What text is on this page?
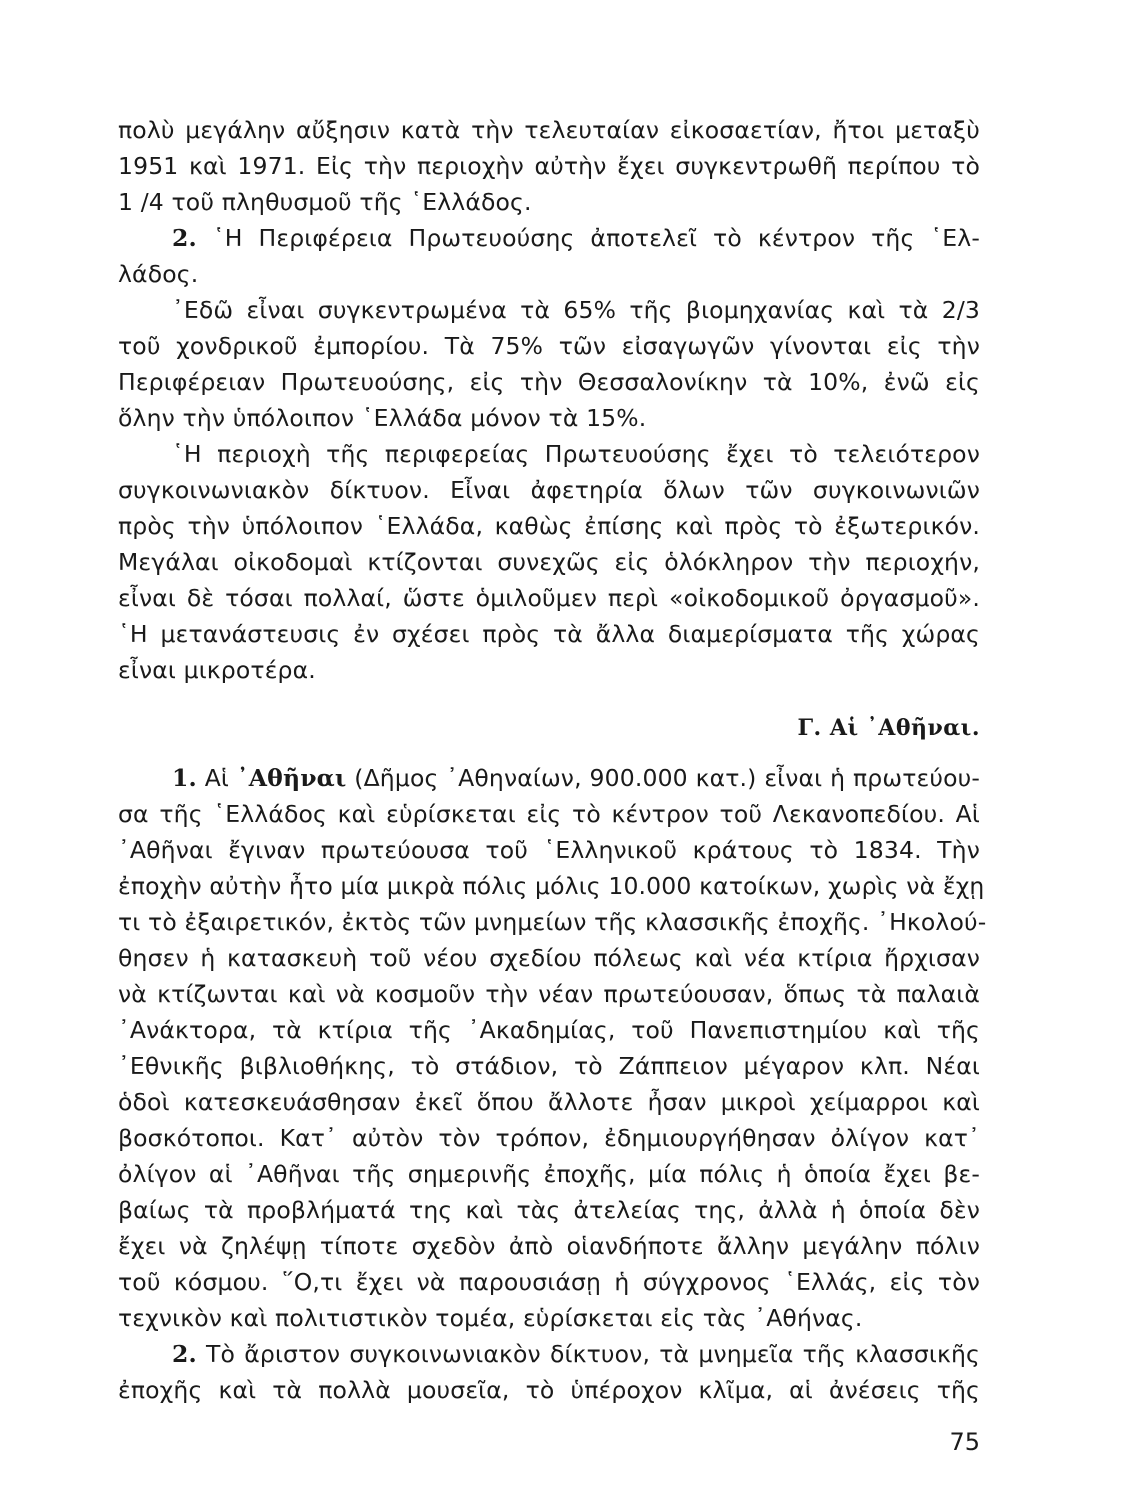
πολὺ μεγάλην αὔξησιν κατὰ τὴν τελευταίαν εἰκοσαετίαν, ἤτοι μεταξὺ
1951 καὶ 1971. Εἰς τὴν περιοχὴν αὐτὴν ἔχει συγκεντρωθῆ περίπου τὸ
1 /4 τοῦ πληθυσμοῦ τῆς ῾Ελλάδος.
2. ῾Η Περιφέρεια Πρωτευούσης ἀποτελεῖ τὸ κέντρον τῆς ῾Ελ-
λάδος.
᾽Εδῶ εἶναι συγκεντρωμένα τὰ 65% τῆς βιομηχανίας καὶ τὰ 2/3
τοῦ χονδρικοῦ ἐμπορίου. Τὰ 75% τῶν εἰσαγωγῶν γίνονται εἰς τὴν
Περιφέρειαν Πρωτευούσης, εἰς τὴν Θεσσαλονίκην τὰ 10%, ἐνῶ εἰς
ὅλην τὴν ὑπόλοιπον ῾Ελλάδα μόνον τὰ 15%.
῾Η περιοχὴ τῆς περιφερείας Πρωτευούσης ἔχει τὸ τελειότερον
συγκοινωνιακὸν δίκτυον. Εἶναι ἀφετηρία ὅλων τῶν συγκοινωνιῶν
πρὸς τὴν ὑπόλοιπον ῾Ελλάδα, καθὼς ἐπίσης καὶ πρὸς τὸ ἐξωτερικόν.
Μεγάλαι οἰκοδομαὶ κτίζονται συνεχῶς εἰς ὁλόκληρον τὴν περιοχήν,
εἶναι δὲ τόσαι πολλαί, ὥστε ὁμιλοῦμεν περὶ «οἰκοδομικοῦ ὀργασμοῦ».
῾Η μετανάστευσις ἐν σχέσει πρὸς τὰ ἄλλα διαμερίσματα τῆς χώρας
εἶναι μικροτέρα.
Γ. Αἱ ᾽Αθῆναι.
1. Αἱ ᾽Αθῆναι (Δῆμος ᾽Αθηναίων, 900.000 κατ.) εἶναι ἡ πρωτεύου-
σα τῆς ῾Ελλάδος καὶ εὑρίσκεται εἰς τὸ κέντρον τοῦ Λεκανοπεδίου. Αἱ
᾽Αθῆναι ἔγιναν πρωτεύουσα τοῦ ῾Ελληνικοῦ κράτους τὸ 1834. Τὴν
ἐποχὴν αὐτὴν ἦτο μία μικρὰ πόλις μόλις 10.000 κατοίκων, χωρὶς νὰ ἔχῃ
τι τὸ ἐξαιρετικόν, ἐκτὸς τῶν μνημείων τῆς κλασσικῆς ἐποχῆς. ᾽Ηκολού-
θησεν ἡ κατασκευὴ τοῦ νέου σχεδίου πόλεως καὶ νέα κτίρια ἤρχισαν
νὰ κτίζωνται καὶ νὰ κοσμοῦν τὴν νέαν πρωτεύουσαν, ὅπως τὰ παλαιὰ
᾽Ανάκτορα, τὰ κτίρια τῆς ᾽Ακαδημίας, τοῦ Πανεπιστημίου καὶ τῆς
᾽Εθνικῆς βιβλιοθήκης, τὸ στάδιον, τὸ Ζάππειον μέγαρον κλπ. Νέαι
ὁδοὶ κατεσκευάσθησαν ἐκεῖ ὅπου ἄλλοτε ἦσαν μικροὶ χείμαρροι καὶ
βοσκότοποι. Κατ᾽ αὐτὸν τὸν τρόπον, ἐδημιουργήθησαν ὀλίγον κατ᾽
ὀλίγον αἱ ᾽Αθῆναι τῆς σημερινῆς ἐποχῆς, μία πόλις ἡ ὁποία ἔχει βε-
βαίως τὰ προβλήματά της καὶ τὰς ἀτελείας της, ἀλλὰ ἡ ὁποία δὲν
ἔχει νὰ ζηλέψῃ τίποτε σχεδὸν ἀπὸ οἱανδήποτε ἄλλην μεγάλην πόλιν
τοῦ κόσμου. ῞Ο,τι ἔχει νὰ παρουσιάσῃ ἡ σύγχρονος ῾Ελλάς, εἰς τὸν
τεχνικὸν καὶ πολιτιστικὸν τομέα, εὑρίσκεται εἰς τὰς ᾽Αθήνας.
2. Τὸ ἄριστον συγκοινωνιακὸν δίκτυον, τὰ μνημεῖα τῆς κλασσικῆς
ἐποχῆς καὶ τὰ πολλὰ μουσεῖα, τὸ ὑπέροχον κλῖμα, αἱ ἀνέσεις τῆς
75
